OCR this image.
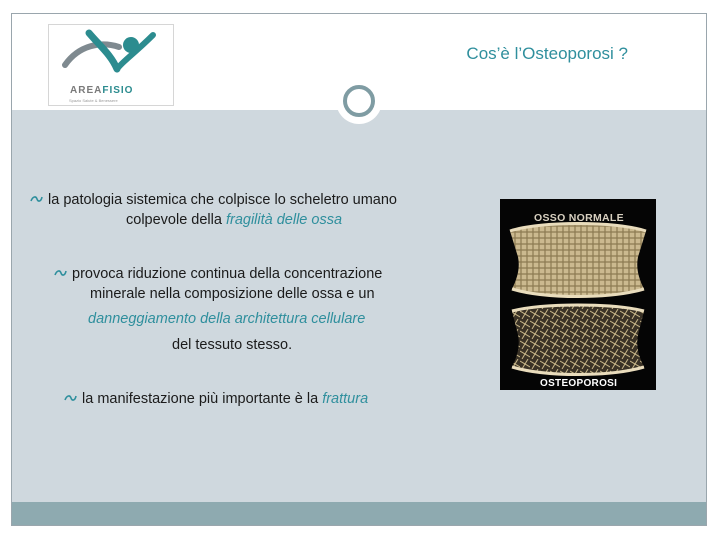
AREAFISIO
Spazio Salute & Benessere
Cos’è l’Osteoporosi ?
la patologia sistemica che colpisce lo scheletro umano
colpevole della fragilità delle ossa
provoca riduzione continua della concentrazione
minerale nella composizione delle ossa e un
danneggiamento della architettura cellulare
del tessuto stesso.
la manifestazione più importante è la frattura
OSSO NORMALE
OSTEOPOROSI
